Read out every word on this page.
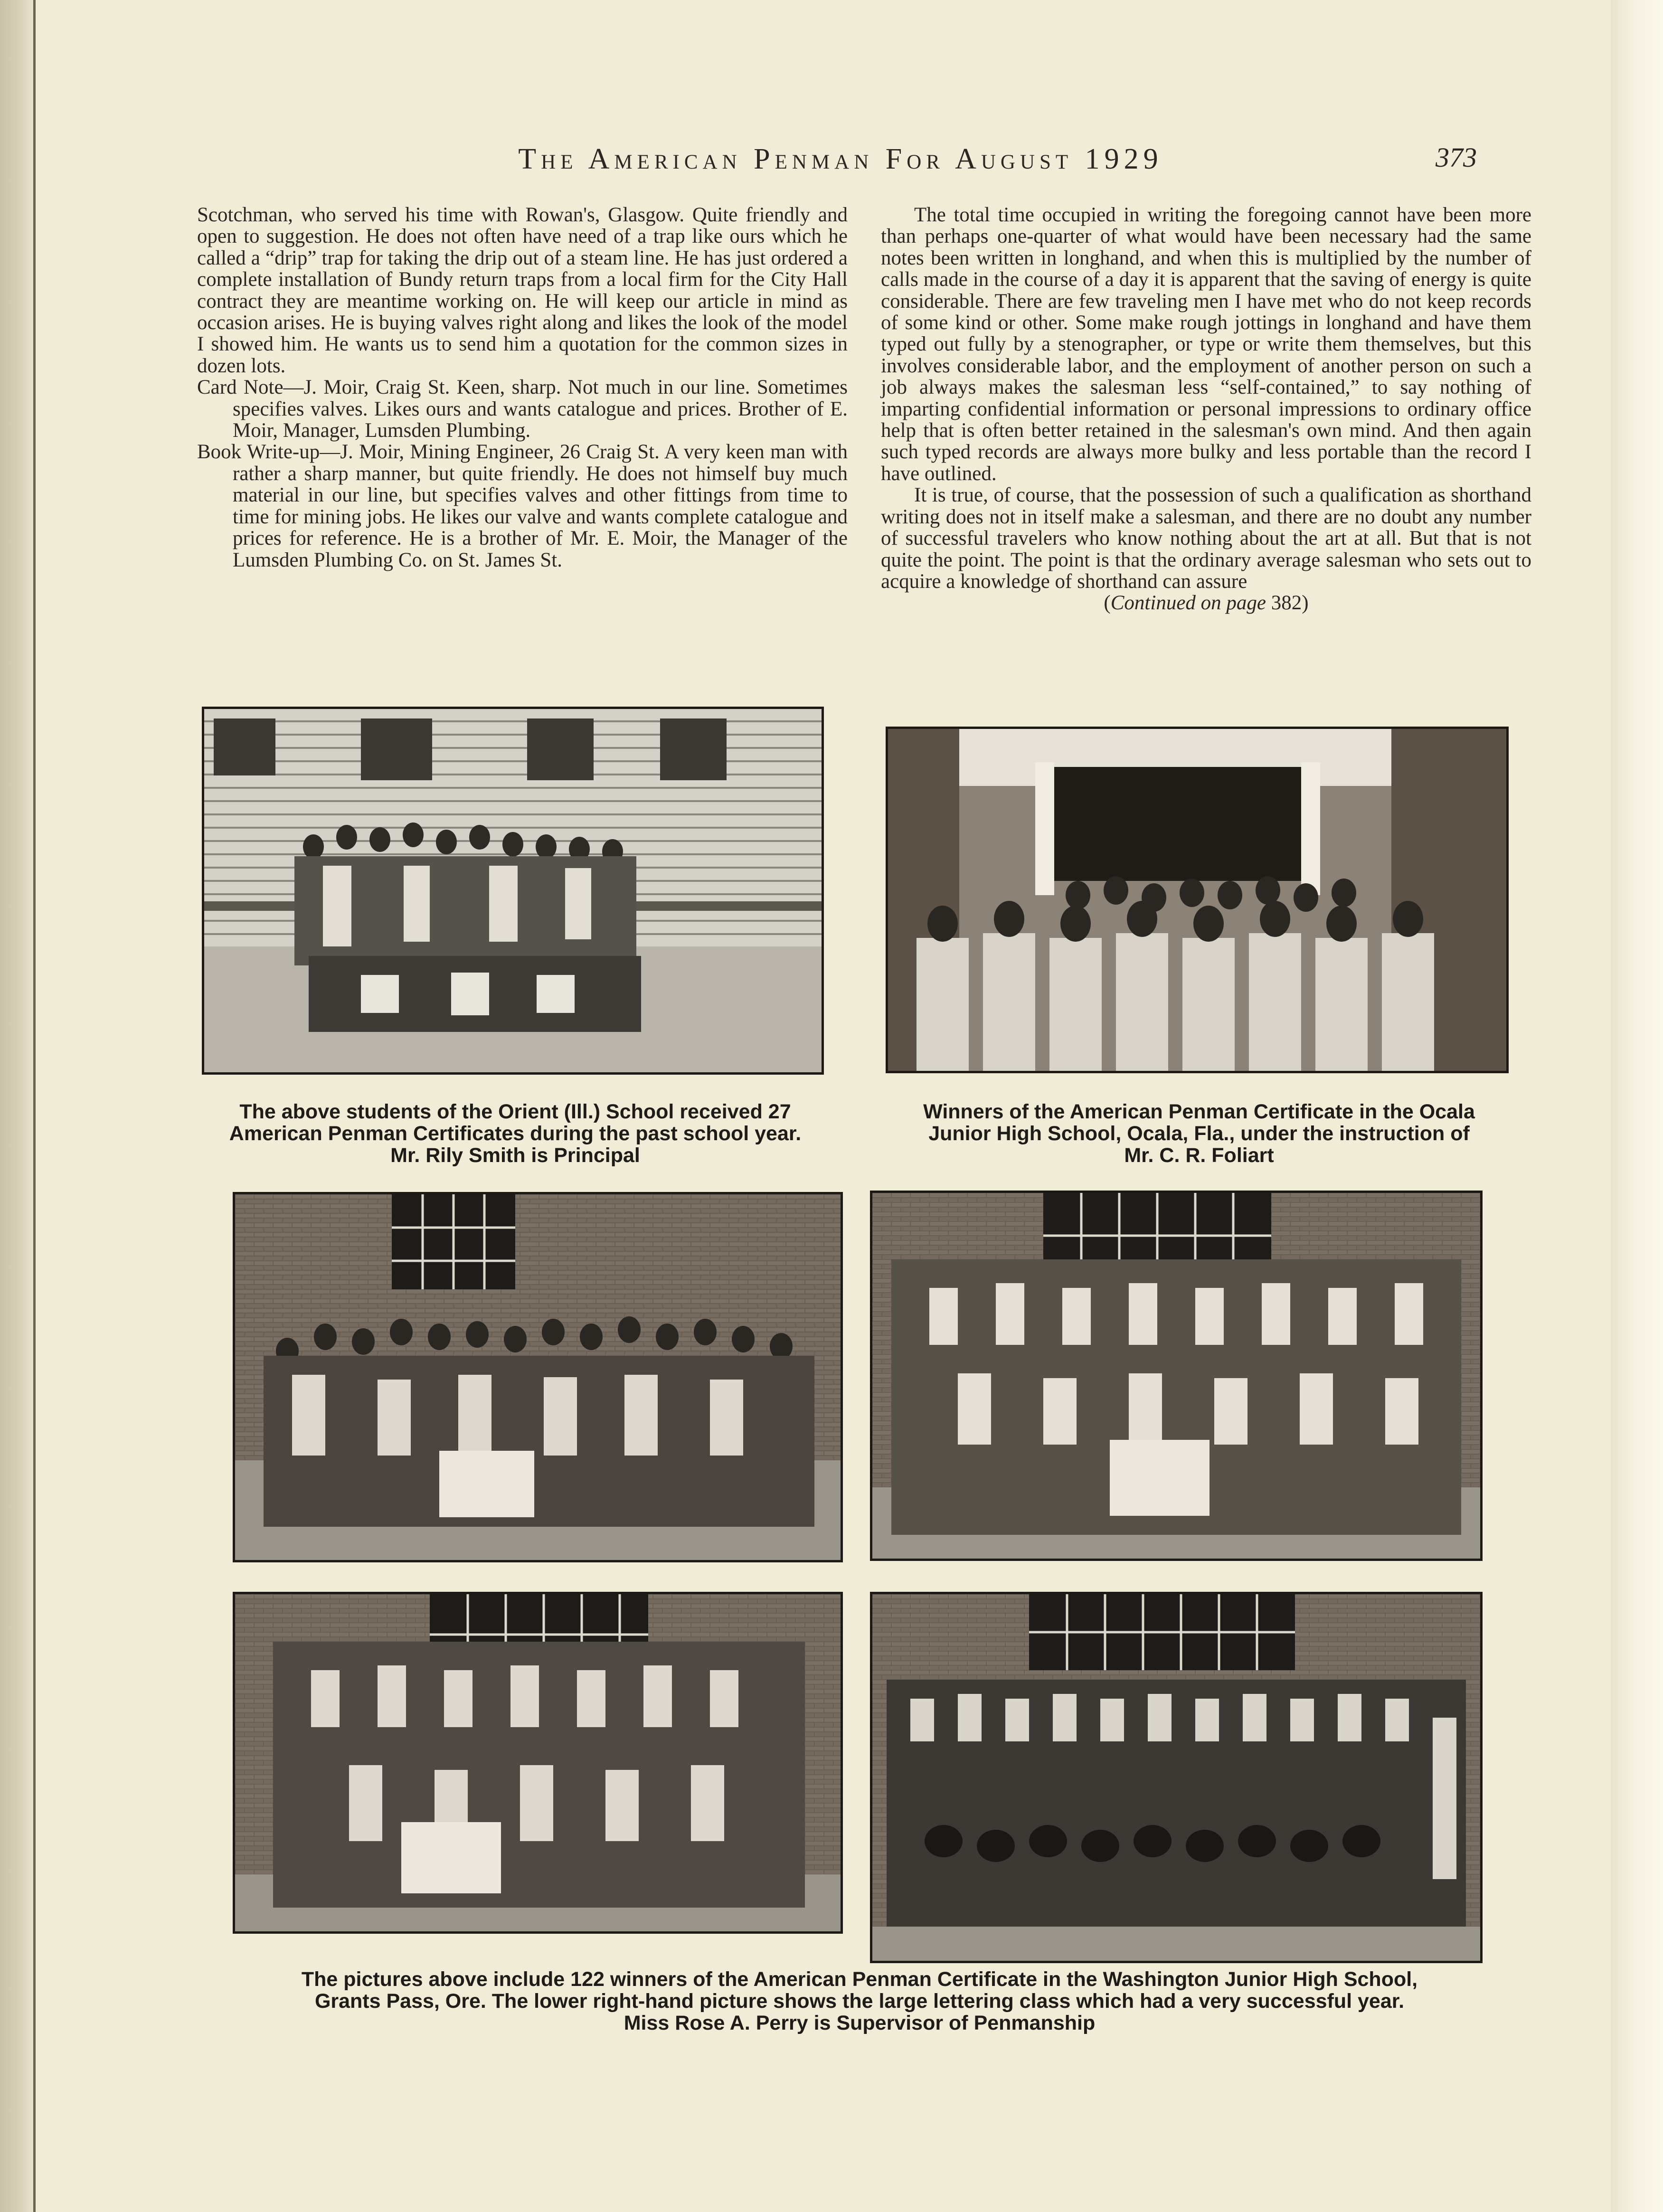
The American Penman For August 1929	373

Scotchman, who served his time with Rowan's, Glasgow. Quite friendly and open to suggestion. He does not often have need of a trap like ours which he called a “drip” trap for taking the drip out of a steam line. He has just ordered a complete installation of Bundy return traps from a local firm for the City Hall contract they are meantime working on. He will keep our article in mind as occasion arises. He is buying valves right along and likes the look of the model I showed him. He wants us to send him a quotation for the common sizes in dozen lots.

Card Note—J. Moir, Craig St. Keen, sharp. Not much in our line. Sometimes specifies valves. Likes ours and wants catalogue and prices. Brother of E. Moir, Manager, Lumsden Plumbing.

Book Write-up—J. Moir, Mining Engineer, 26 Craig St. A very keen man with rather a sharp manner, but quite friendly. He does not himself buy much material in our line, but specifies valves and other fittings from time to time for mining jobs. He likes our valve and wants complete catalogue and prices for reference. He is a brother of Mr. E. Moir, the Manager of the Lumsden Plumbing Co. on St. James St.

The total time occupied in writing the foregoing cannot have been more than perhaps one-quarter of what would have been necessary had the same notes been written in longhand, and when this is multiplied by the number of calls made in the course of a day it is apparent that the saving of energy is quite considerable. There are few traveling men I have met who do not keep records of some kind or other. Some make rough jottings in longhand and have them typed out fully by a stenographer, or type or write them themselves, but this involves considerable labor, and the employment of another person on such a job always makes the salesman less “self-contained,” to say nothing of imparting confidential information or personal impressions to ordinary office help that is often better retained in the salesman's own mind. And then again such typed records are always more bulky and less portable than the record I have outlined.

It is true, of course, that the possession of such a qualification as shorthand writing does not in itself make a salesman, and there are no doubt any number of successful travelers who know nothing about the art at all. But that is not quite the point. The point is that the ordinary average salesman who sets out to acquire a knowledge of shorthand can assure

(Continued on page 382)

The above students of the Orient (Ill.) School received 27
American Penman Certificates during the past school year.
Mr. Rily Smith is Principal
Winners of the American Penman Certificate in the Ocala
Junior High School, Ocala, Fla., under the instruction of
Mr. C. R. Foliart
The pictures above include 122 winners of the American Penman Certificate in the Washington Junior High School,
Grants Pass, Ore. The lower right-hand picture shows the large lettering class which had a very successful year.
Miss Rose A. Perry is Supervisor of Penmanship
